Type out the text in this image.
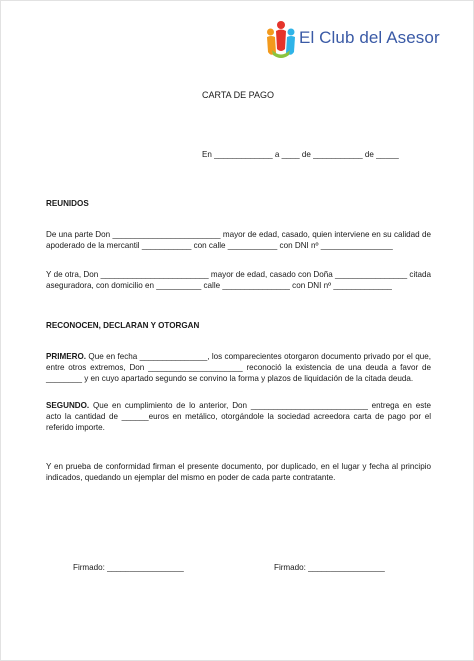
El Club del Asesor
CARTA DE PAGO
En _____________ a ____ de ___________ de _____
REUNIDOS
De una parte Don ________________________ mayor de edad, casado, quien interviene en su calidad de apoderado de la mercantil ___________ con calle ___________ con DNI nº ________________
Y de otra, Don ________________________ mayor de edad, casado con Doña ________________ citada aseguradora, con domicilio en __________ calle _______________ con DNI nº _____________
RECONOCEN, DECLARAN Y OTORGAN
PRIMERO. Que en fecha _______________, los comparecientes otorgaron documento privado por el que, entre otros extremos, Don _____________________ reconoció la existencia de una deuda a favor de ________ y en cuyo apartado segundo se convino la forma y plazos de liquidación de la citada deuda.
SEGUNDO. Que en cumplimiento de lo anterior, Don __________________________ entrega en este acto la cantidad de ______euros en metálico, otorgándole la sociedad acreedora carta de pago por el referido importe.
Y en prueba de conformidad firman el presente documento, por duplicado, en el lugar y fecha al principio indicados, quedando un ejemplar del mismo en poder de cada parte contratante.
Firmado: _________________	Firmado: _________________
